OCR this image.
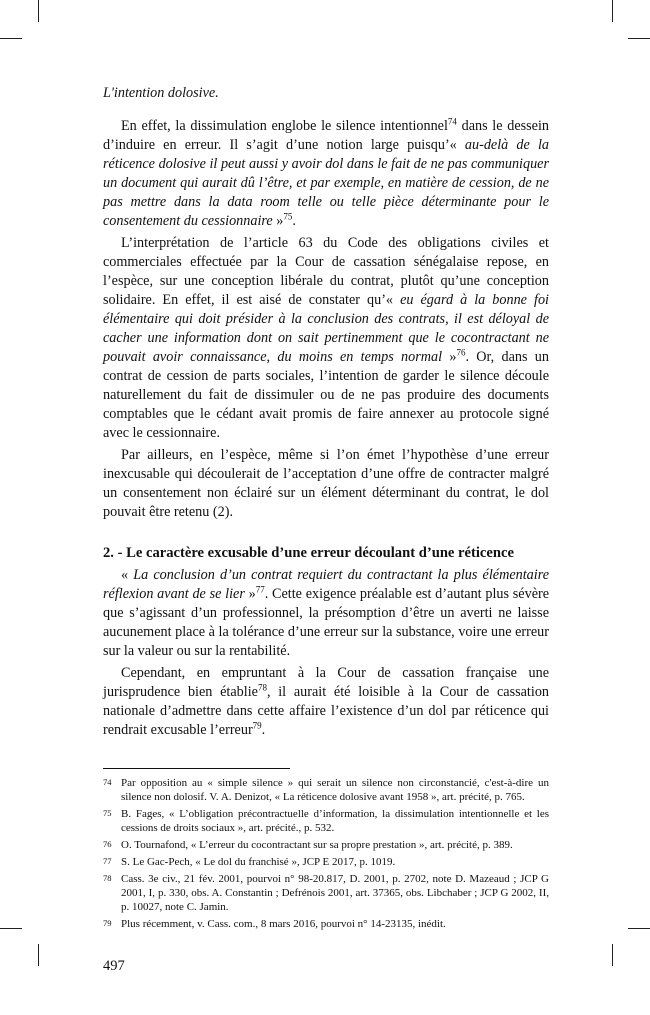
L'intention dolosive.

En effet, la dissimulation englobe le silence intentionnel$^{74}$ dans le dessein d’induire en erreur. Il s’agit d’une notion large puisqu’« au-delà de la réticence dolosive il peut aussi y avoir dol dans le fait de ne pas communiquer un document qui aurait dû l’être, et par exemple, en matière de cession, de ne pas mettre dans la data room telle ou telle pièce déterminante pour le consentement du cessionnaire »$^{75}$.

L’interprétation de l’article 63 du Code des obligations civiles et commerciales effectuée par la Cour de cassation sénégalaise repose, en l’espèce, sur une conception libérale du contrat, plutôt qu’une conception solidaire. En effet, il est aisé de constater qu’« eu égard à la bonne foi élémentaire qui doit présider à la conclusion des contrats, il est déloyal de cacher une information dont on sait pertinemment que le cocontractant ne pouvait avoir connaissance, du moins en temps normal »$^{76}$. Or, dans un contrat de cession de parts sociales, l’intention de garder le silence découle naturellement du fait de dissimuler ou de ne pas produire des documents comptables que le cédant avait promis de faire annexer au protocole signé avec le cessionnaire.

Par ailleurs, en l’espèce, même si l’on émet l’hypothèse d’une erreur inexcusable qui découlerait de l’acceptation d’une offre de contracter malgré un consentement non éclairé sur un élément déterminant du contrat, le dol pouvait être retenu (2).

2. - Le caractère excusable d’une erreur découlant d’une réticence

« La conclusion d’un contrat requiert du contractant la plus élémentaire réflexion avant de se lier »$^{77}$. Cette exigence préalable est d’autant plus sévère que s’agissant d’un professionnel, la présomption d’être un averti ne laisse aucunement place à la tolérance d’une erreur sur la substance, voire une erreur sur la valeur ou sur la rentabilité.

Cependant, en empruntant à la Cour de cassation française une jurisprudence bien établie$^{78}$, il aurait été loisible à la Cour de cassation nationale d’admettre dans cette affaire l’existence d’un dol par réticence qui rendrait excusable l’erreur$^{79}$.

74 Par opposition au « simple silence » qui serait un silence non circonstancié, c'est-à-dire un silence non dolosif. V. A. Denizot, « La réticence dolosive avant 1958 », art. précité, p. 765.
75 B. Fages, « L’obligation précontractuelle d’information, la dissimulation intentionnelle et les cessions de droits sociaux », art. précité., p. 532.
76 O. Tournafond, « L’erreur du cocontractant sur sa propre prestation », art. précité, p. 389.
77 S. Le Gac-Pech, « Le dol du franchisé », JCP E 2017, p. 1019.
78 Cass. 3e civ., 21 fév. 2001, pourvoi n° 98-20.817, D. 2001, p. 2702, note D. Mazeaud ; JCP G 2001, I, p. 330, obs. A. Constantin ; Defrénois 2001, art. 37365, obs. Libchaber ; JCP G 2002, II, p. 10027, note C. Jamin.
79 Plus récemment, v. Cass. com., 8 mars 2016, pourvoi n° 14-23135, inédit.
497
